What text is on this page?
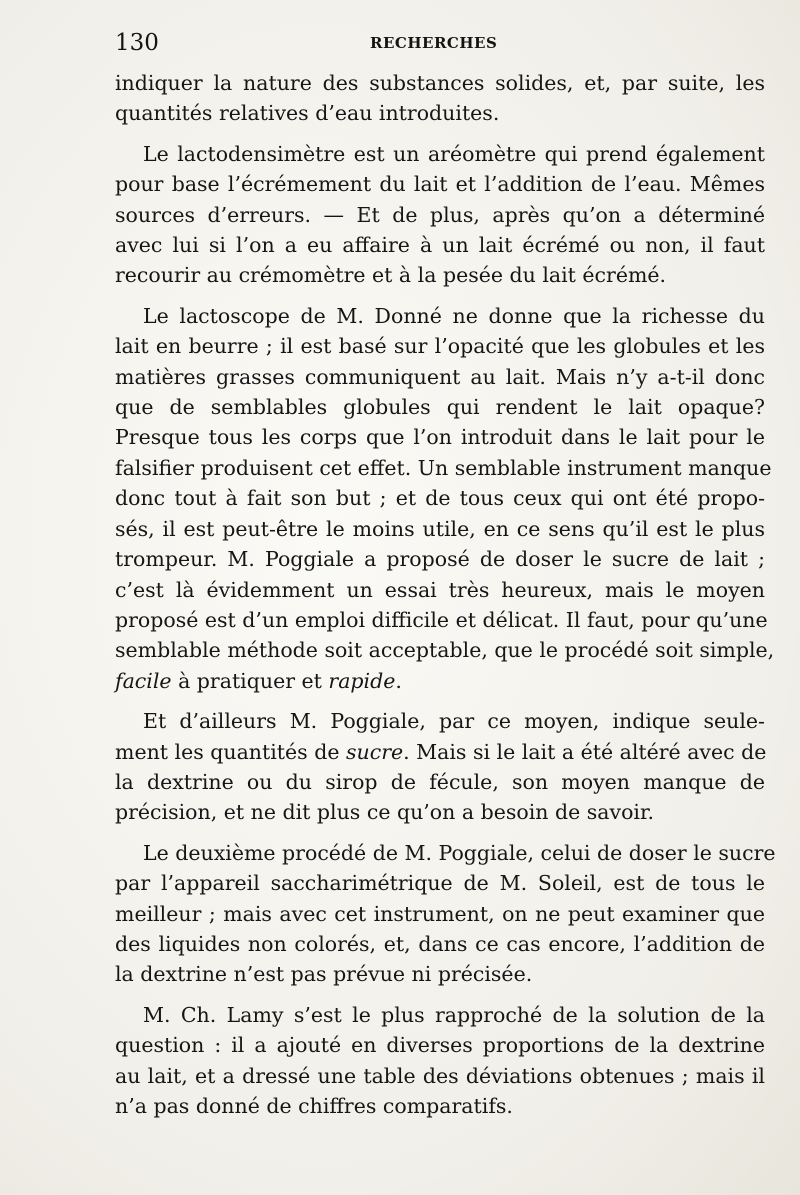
130	RECHERCHES

indiquer la nature des substances solides, et, par suite, les
quantités relatives d’eau introduites.

Le lactodensimètre est un aréomètre qui prend également
pour base l’écrémement du lait et l’addition de l’eau. Mêmes
sources d’erreurs. — Et de plus, après qu’on a déterminé
avec lui si l’on a eu affaire à un lait écrémé ou non, il faut
recourir au crémomètre et à la pesée du lait écrémé.

Le lactoscope de M. Donné ne donne que la richesse du
lait en beurre ; il est basé sur l’opacité que les globules et les
matières grasses communiquent au lait. Mais n’y a-t-il donc
que de semblables globules qui rendent le lait opaque?
Presque tous les corps que l’on introduit dans le lait pour le
falsifier produisent cet effet. Un semblable instrument manque
donc tout à fait son but ; et de tous ceux qui ont été propo-
sés, il est peut-être le moins utile, en ce sens qu’il est le plus
trompeur. M. Poggiale a proposé de doser le sucre de lait ;
c’est là évidemment un essai très heureux, mais le moyen
proposé est d’un emploi difficile et délicat. Il faut, pour qu’une
semblable méthode soit acceptable, que le procédé soit simple,
facile à pratiquer et rapide.

Et d’ailleurs M. Poggiale, par ce moyen, indique seule-
ment les quantités de sucre. Mais si le lait a été altéré avec de
la dextrine ou du sirop de fécule, son moyen manque de
précision, et ne dit plus ce qu’on a besoin de savoir.

Le deuxième procédé de M. Poggiale, celui de doser le sucre
par l’appareil saccharimétrique de M. Soleil, est de tous le
meilleur ; mais avec cet instrument, on ne peut examiner que
des liquides non colorés, et, dans ce cas encore, l’addition de
la dextrine n’est pas prévue ni précisée.

M. Ch. Lamy s’est le plus rapproché de la solution de la
question : il a ajouté en diverses proportions de la dextrine
au lait, et a dressé une table des déviations obtenues ; mais il
n’a pas donné de chiffres comparatifs.
